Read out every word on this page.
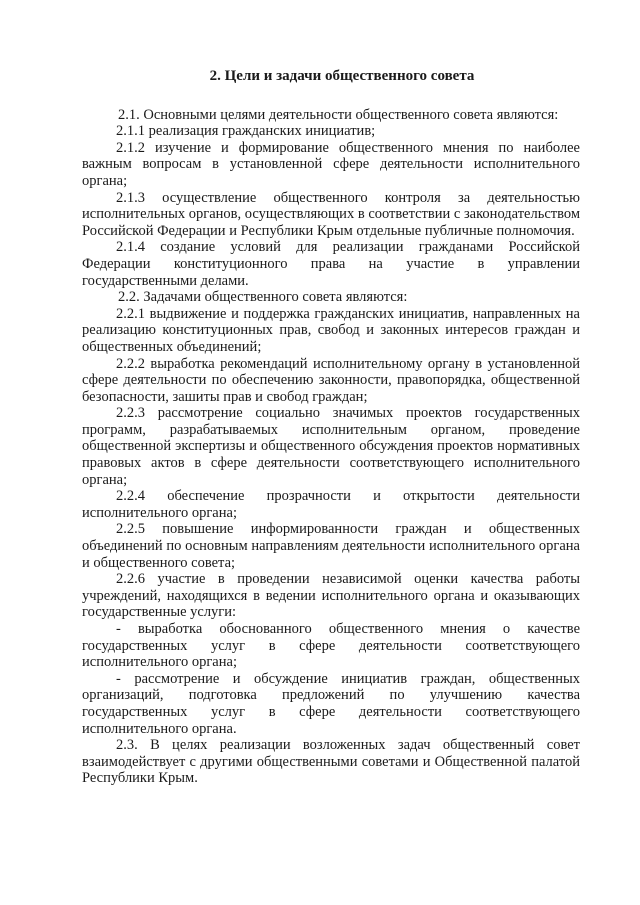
2. Цели и задачи общественного совета

2.1. Основными целями деятельности общественного совета являются:

2.1.1 реализация гражданских инициатив;

2.1.2 изучение и формирование общественного мнения по наиболее важным вопросам в установленной сфере деятельности исполнительного органа;

2.1.3 осуществление общественного контроля за деятельностью исполнительных органов, осуществляющих в соответствии с законодательством Российской Федерации и Республики Крым отдельные публичные полномочия.

2.1.4 создание условий для реализации гражданами Российской Федерации конституционного права на участие в управлении государственными делами.

2.2. Задачами общественного совета являются:

2.2.1 выдвижение и поддержка гражданских инициатив, направленных на реализацию конституционных прав, свобод и законных интересов граждан и общественных объединений;

2.2.2 выработка рекомендаций исполнительному органу в установленной сфере деятельности по обеспечению законности, правопорядка, общественной безопасности, зашиты прав и свобод граждан;

2.2.3 рассмотрение социально значимых проектов государственных программ, разрабатываемых исполнительным органом, проведение общественной экспертизы и общественного обсуждения проектов нормативных правовых актов в сфере деятельности соответствующего исполнительного органа;

2.2.4 обеспечение прозрачности и открытости деятельности исполнительного органа;

2.2.5 повышение информированности граждан и общественных объединений по основным направлениям деятельности исполнительного органа и общественного совета;

2.2.6 участие в проведении независимой оценки качества работы учреждений, находящихся в ведении исполнительного органа и оказывающих государственные услуги:

- выработка обоснованного общественного мнения о качестве государственных услуг в сфере деятельности соответствующего исполнительного органа;

- рассмотрение и обсуждение инициатив граждан, общественных организаций, подготовка предложений по улучшению качества государственных услуг в сфере деятельности соответствующего исполнительного органа.

2.3. В целях реализации возложенных задач общественный совет взаимодействует с другими общественными советами и Общественной палатой Республики Крым.
